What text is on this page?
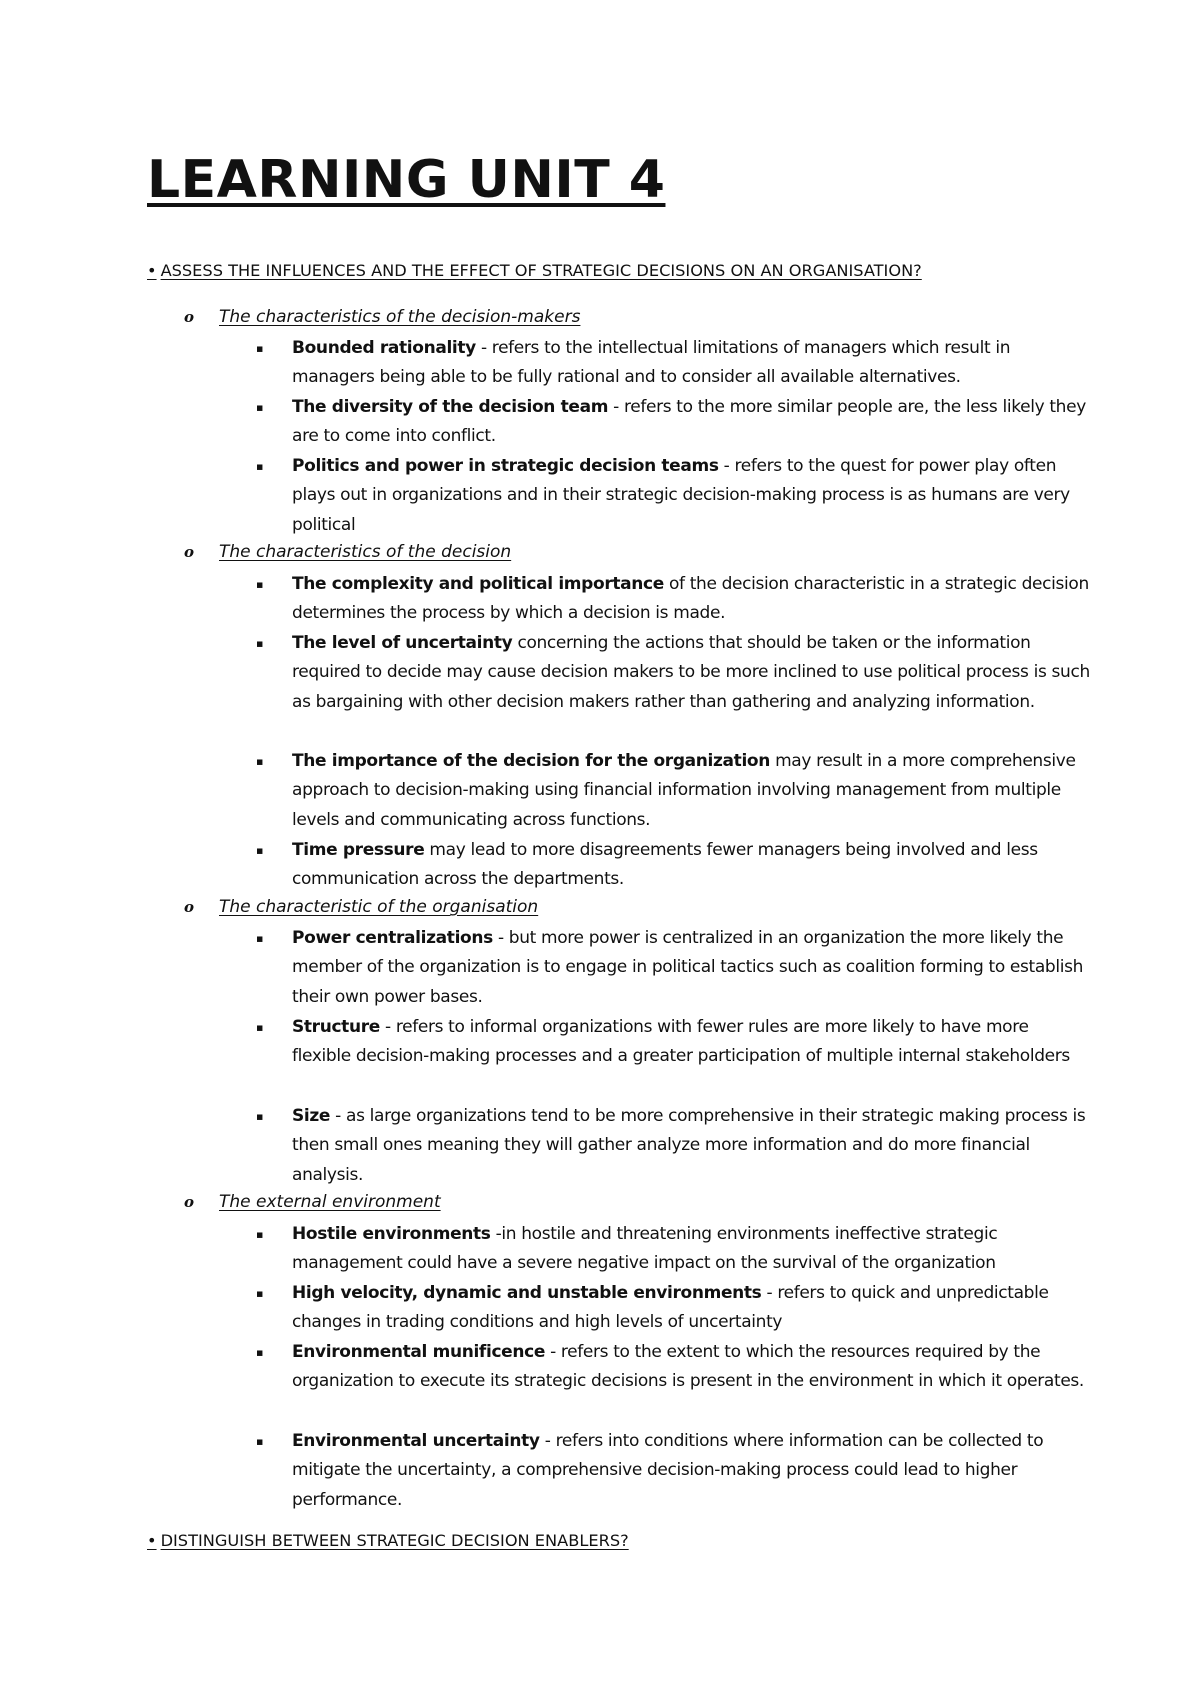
LEARNING UNIT 4

• ASSESS THE INFLUENCES AND THE EFFECT OF STRATEGIC DECISIONS ON AN ORGANISATION?

o The characteristics of the decision-makers

▪ Bounded rationality - refers to the intellectual limitations of managers which result in managers being able to be fully rational and to consider all available alternatives.
▪ The diversity of the decision team - refers to the more similar people are, the less likely they are to come into conflict.
▪ Politics and power in strategic decision teams - refers to the quest for power play often plays out in organizations and in their strategic decision-making process is as humans are very political

o The characteristics of the decision

▪ The complexity and political importance of the decision characteristic in a strategic decision determines the process by which a decision is made.
▪ The level of uncertainty concerning the actions that should be taken or the information required to decide may cause decision makers to be more inclined to use political process is such as bargaining with other decision makers rather than gathering and analyzing information.
▪ The importance of the decision for the organization may result in a more comprehensive approach to decision-making using financial information involving management from multiple levels and communicating across functions.
▪ Time pressure may lead to more disagreements fewer managers being involved and less communication across the departments.

o The characteristic of the organisation

▪ Power centralizations - but more power is centralized in an organization the more likely the member of the organization is to engage in political tactics such as coalition forming to establish their own power bases.
▪ Structure - refers to informal organizations with fewer rules are more likely to have more flexible decision-making processes and a greater participation of multiple internal stakeholders
▪ Size - as large organizations tend to be more comprehensive in their strategic making process is then small ones meaning they will gather analyze more information and do more financial analysis.

o The external environment

▪ Hostile environments -in hostile and threatening environments ineffective strategic management could have a severe negative impact on the survival of the organization
▪ High velocity, dynamic and unstable environments - refers to quick and unpredictable changes in trading conditions and high levels of uncertainty
▪ Environmental munificence - refers to the extent to which the resources required by the organization to execute its strategic decisions is present in the environment in which it operates.
▪ Environmental uncertainty - refers into conditions where information can be collected to mitigate the uncertainty, a comprehensive decision-making process could lead to higher performance.

• DISTINGUISH BETWEEN STRATEGIC DECISION ENABLERS?
